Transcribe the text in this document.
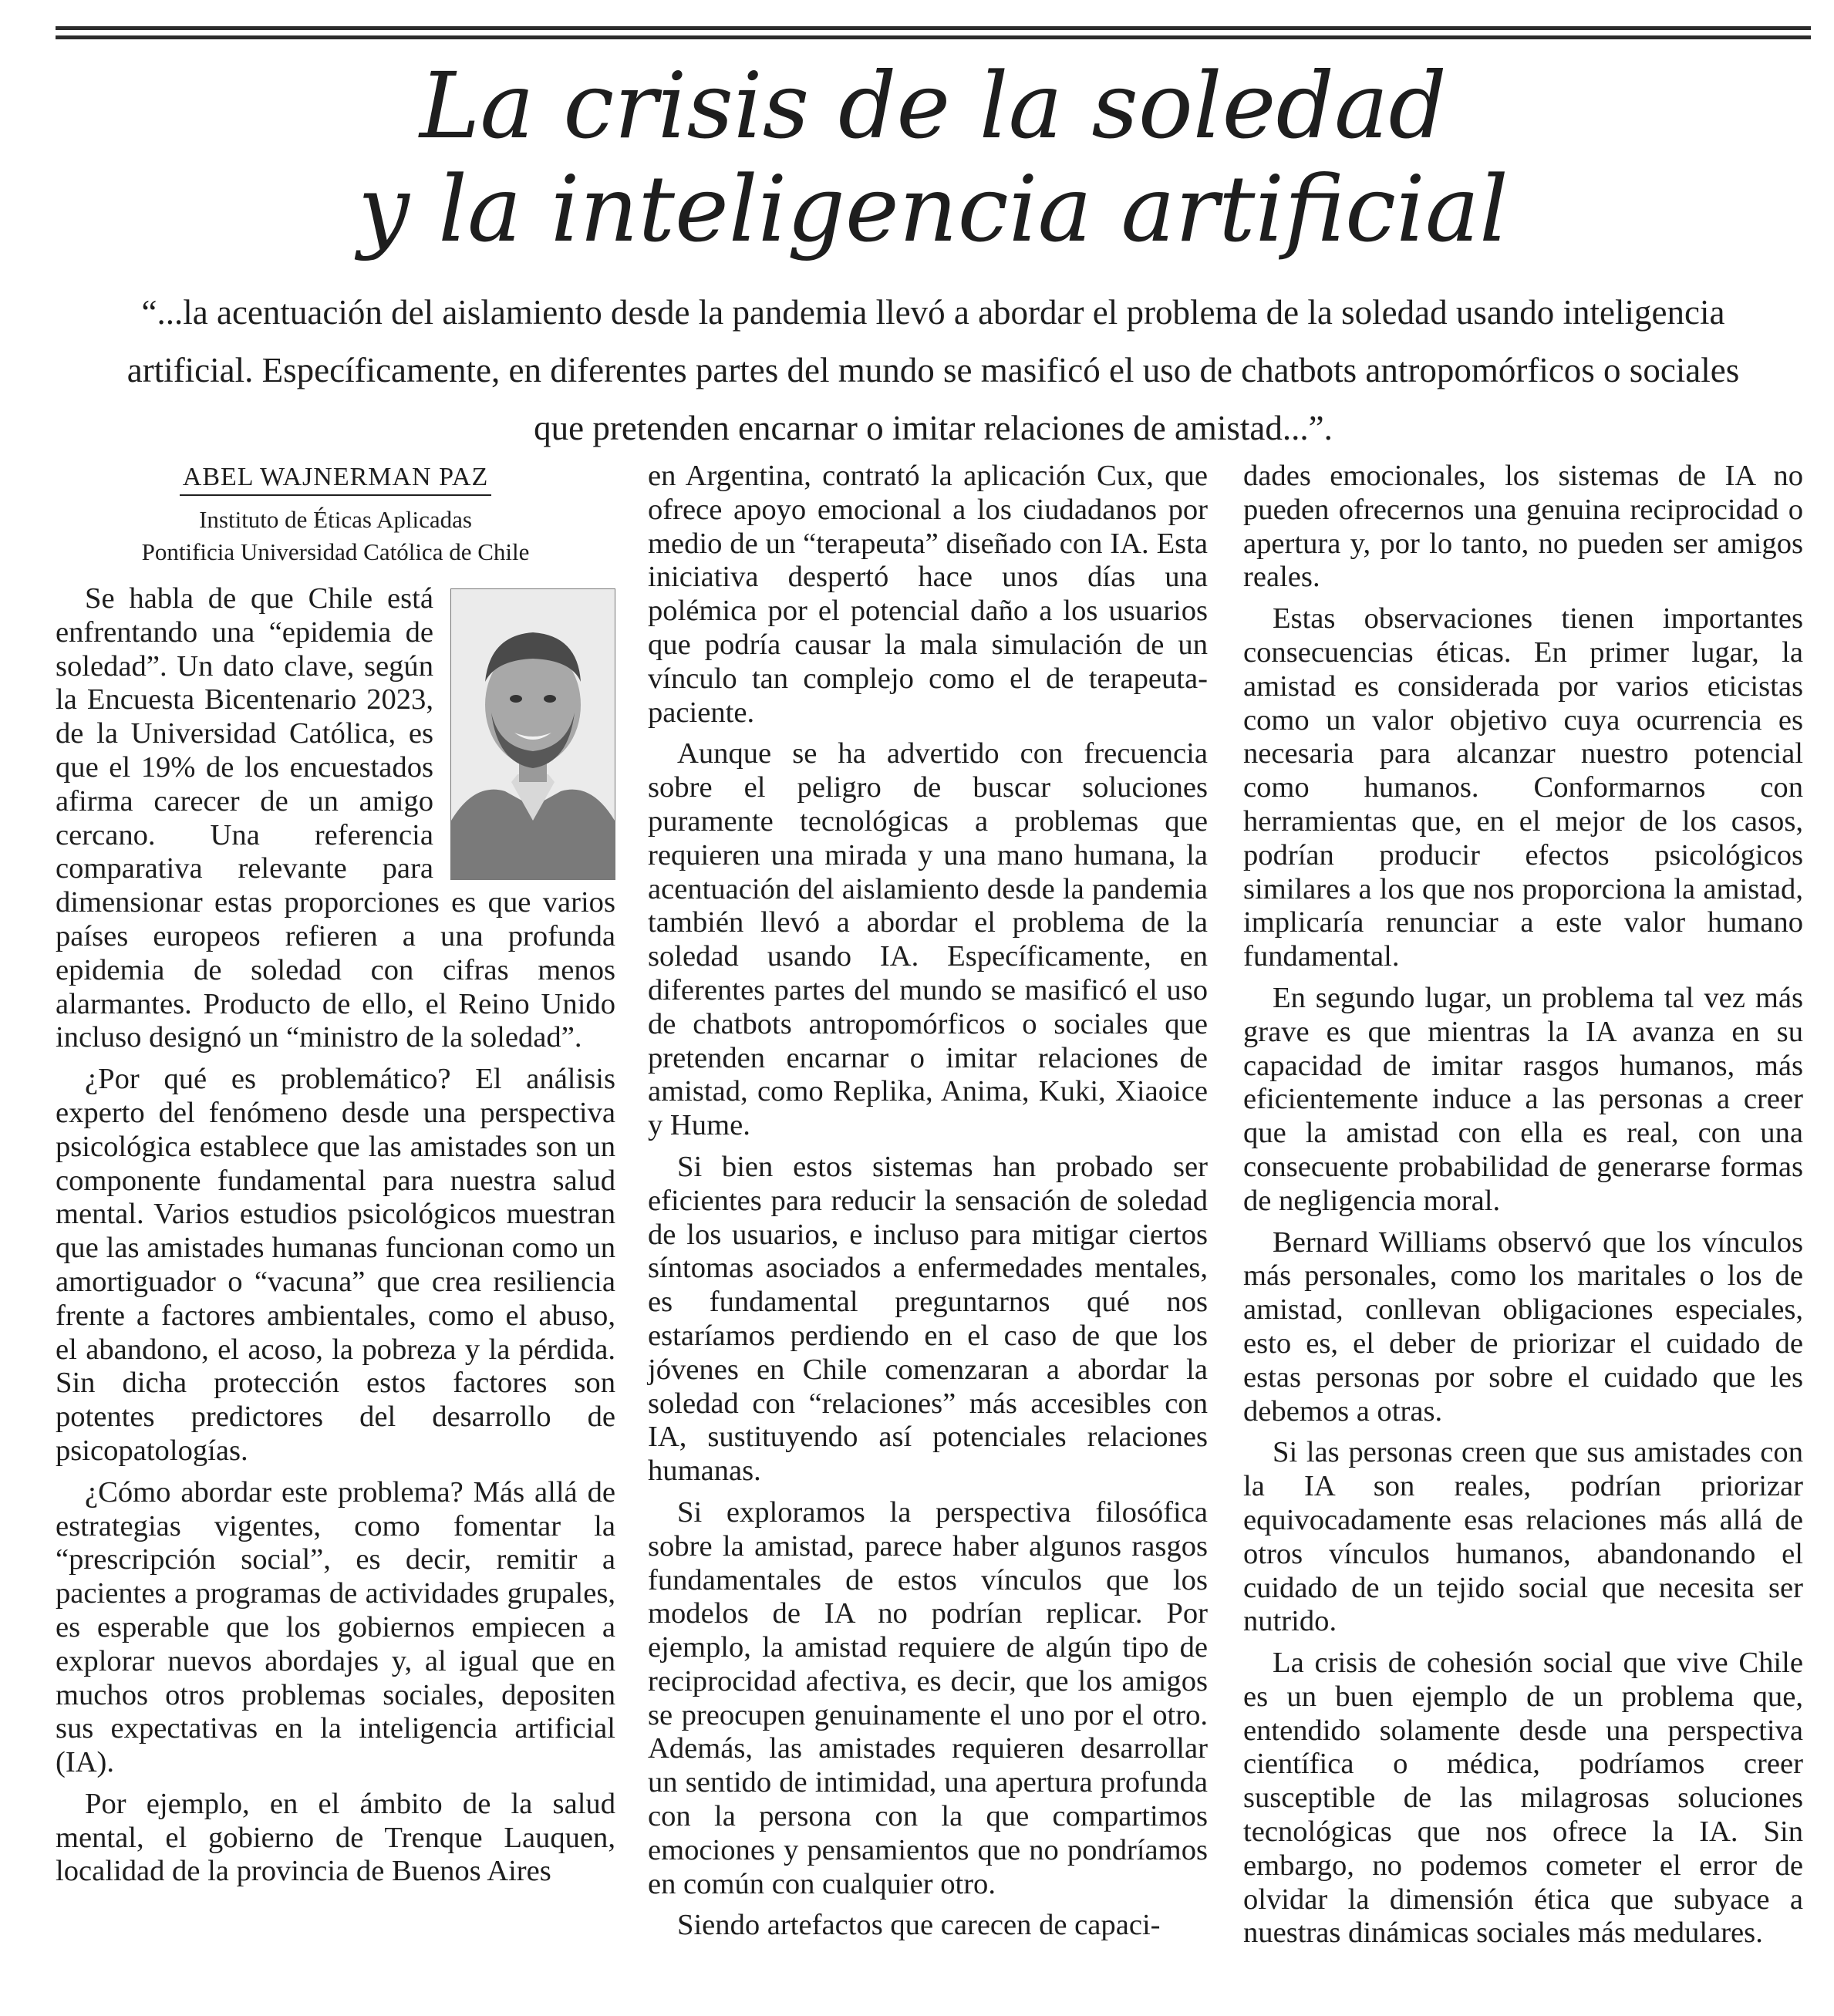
La crisis de la soledad
y la inteligencia artificial

“...la acentuación del aislamiento desde la pandemia llevó a abordar el problema de la soledad usando inteligencia artificial. Específicamente, en diferentes partes del mundo se masificó el uso de chatbots antropomórficos o sociales que pretenden encarnar o imitar relaciones de amistad...”.

ABEL WAJNERMAN PAZ
Instituto de Éticas Aplicadas
Pontificia Universidad Católica de Chile

Se habla de que Chile está enfrentando una “epidemia de soledad”. Un dato clave, según la Encuesta Bicentenario 2023, de la Universidad Católica, es que el 19% de los encuestados afirma carecer de un amigo cercano. Una referencia comparativa relevante para dimensionar estas proporciones es que varios países europeos refieren a una profunda epidemia de soledad con cifras menos alarmantes. Producto de ello, el Reino Unido incluso designó un “ministro de la soledad”.

¿Por qué es problemático? El análisis experto del fenómeno desde una perspectiva psicológica establece que las amistades son un componente fundamental para nuestra salud mental. Varios estudios psicológicos muestran que las amistades humanas funcionan como un amortiguador o “vacuna” que crea resiliencia frente a factores ambientales, como el abuso, el abandono, el acoso, la pobreza y la pérdida. Sin dicha protección estos factores son potentes predictores del desarrollo de psicopatologías.

¿Cómo abordar este problema? Más allá de estrategias vigentes, como fomentar la “prescripción social”, es decir, remitir a pacientes a programas de actividades grupales, es esperable que los gobiernos empiecen a explorar nuevos abordajes y, al igual que en muchos otros problemas sociales, depositen sus expectativas en la inteligencia artificial (IA).

Por ejemplo, en el ámbito de la salud mental, el gobierno de Trenque Lauquen, localidad de la provincia de Buenos Aires

en Argentina, contrató la aplicación Cux, que ofrece apoyo emocional a los ciudadanos por medio de un “terapeuta” diseñado con IA. Esta iniciativa despertó hace unos días una polémica por el potencial daño a los usuarios que podría causar la mala simulación de un vínculo tan complejo como el de terapeuta-paciente.

Aunque se ha advertido con frecuencia sobre el peligro de buscar soluciones puramente tecnológicas a problemas que requieren una mirada y una mano humana, la acentuación del aislamiento desde la pandemia también llevó a abordar el problema de la soledad usando IA. Específicamente, en diferentes partes del mundo se masificó el uso de chatbots antropomórficos o sociales que pretenden encarnar o imitar relaciones de amistad, como Replika, Anima, Kuki, Xiaoice y Hume.

Si bien estos sistemas han probado ser eficientes para reducir la sensación de soledad de los usuarios, e incluso para mitigar ciertos síntomas asociados a enfermedades mentales, es fundamental preguntarnos qué nos estaríamos perdiendo en el caso de que los jóvenes en Chile comenzaran a abordar la soledad con “relaciones” más accesibles con IA, sustituyendo así potenciales relaciones humanas.

Si exploramos la perspectiva filosófica sobre la amistad, parece haber algunos rasgos fundamentales de estos vínculos que los modelos de IA no podrían replicar. Por ejemplo, la amistad requiere de algún tipo de reciprocidad afectiva, es decir, que los amigos se preocupen genuinamente el uno por el otro. Además, las amistades requieren desarrollar un sentido de intimidad, una apertura profunda con la persona con la que compartimos emociones y pensamientos que no pondríamos en común con cualquier otro.

Siendo artefactos que carecen de capaci-

dades emocionales, los sistemas de IA no pueden ofrecernos una genuina reciprocidad o apertura y, por lo tanto, no pueden ser amigos reales.

Estas observaciones tienen importantes consecuencias éticas. En primer lugar, la amistad es considerada por varios eticistas como un valor objetivo cuya ocurrencia es necesaria para alcanzar nuestro potencial como humanos. Conformarnos con herramientas que, en el mejor de los casos, podrían producir efectos psicológicos similares a los que nos proporciona la amistad, implicaría renunciar a este valor humano fundamental.

En segundo lugar, un problema tal vez más grave es que mientras la IA avanza en su capacidad de imitar rasgos humanos, más eficientemente induce a las personas a creer que la amistad con ella es real, con una consecuente probabilidad de generarse formas de negligencia moral.

Bernard Williams observó que los vínculos más personales, como los maritales o los de amistad, conllevan obligaciones especiales, esto es, el deber de priorizar el cuidado de estas personas por sobre el cuidado que les debemos a otras.

Si las personas creen que sus amistades con la IA son reales, podrían priorizar equivocadamente esas relaciones más allá de otros vínculos humanos, abandonando el cuidado de un tejido social que necesita ser nutrido.

La crisis de cohesión social que vive Chile es un buen ejemplo de un problema que, entendido solamente desde una perspectiva científica o médica, podríamos creer susceptible de las milagrosas soluciones tecnológicas que nos ofrece la IA. Sin embargo, no podemos cometer el error de olvidar la dimensión ética que subyace a nuestras dinámicas sociales más medulares.
